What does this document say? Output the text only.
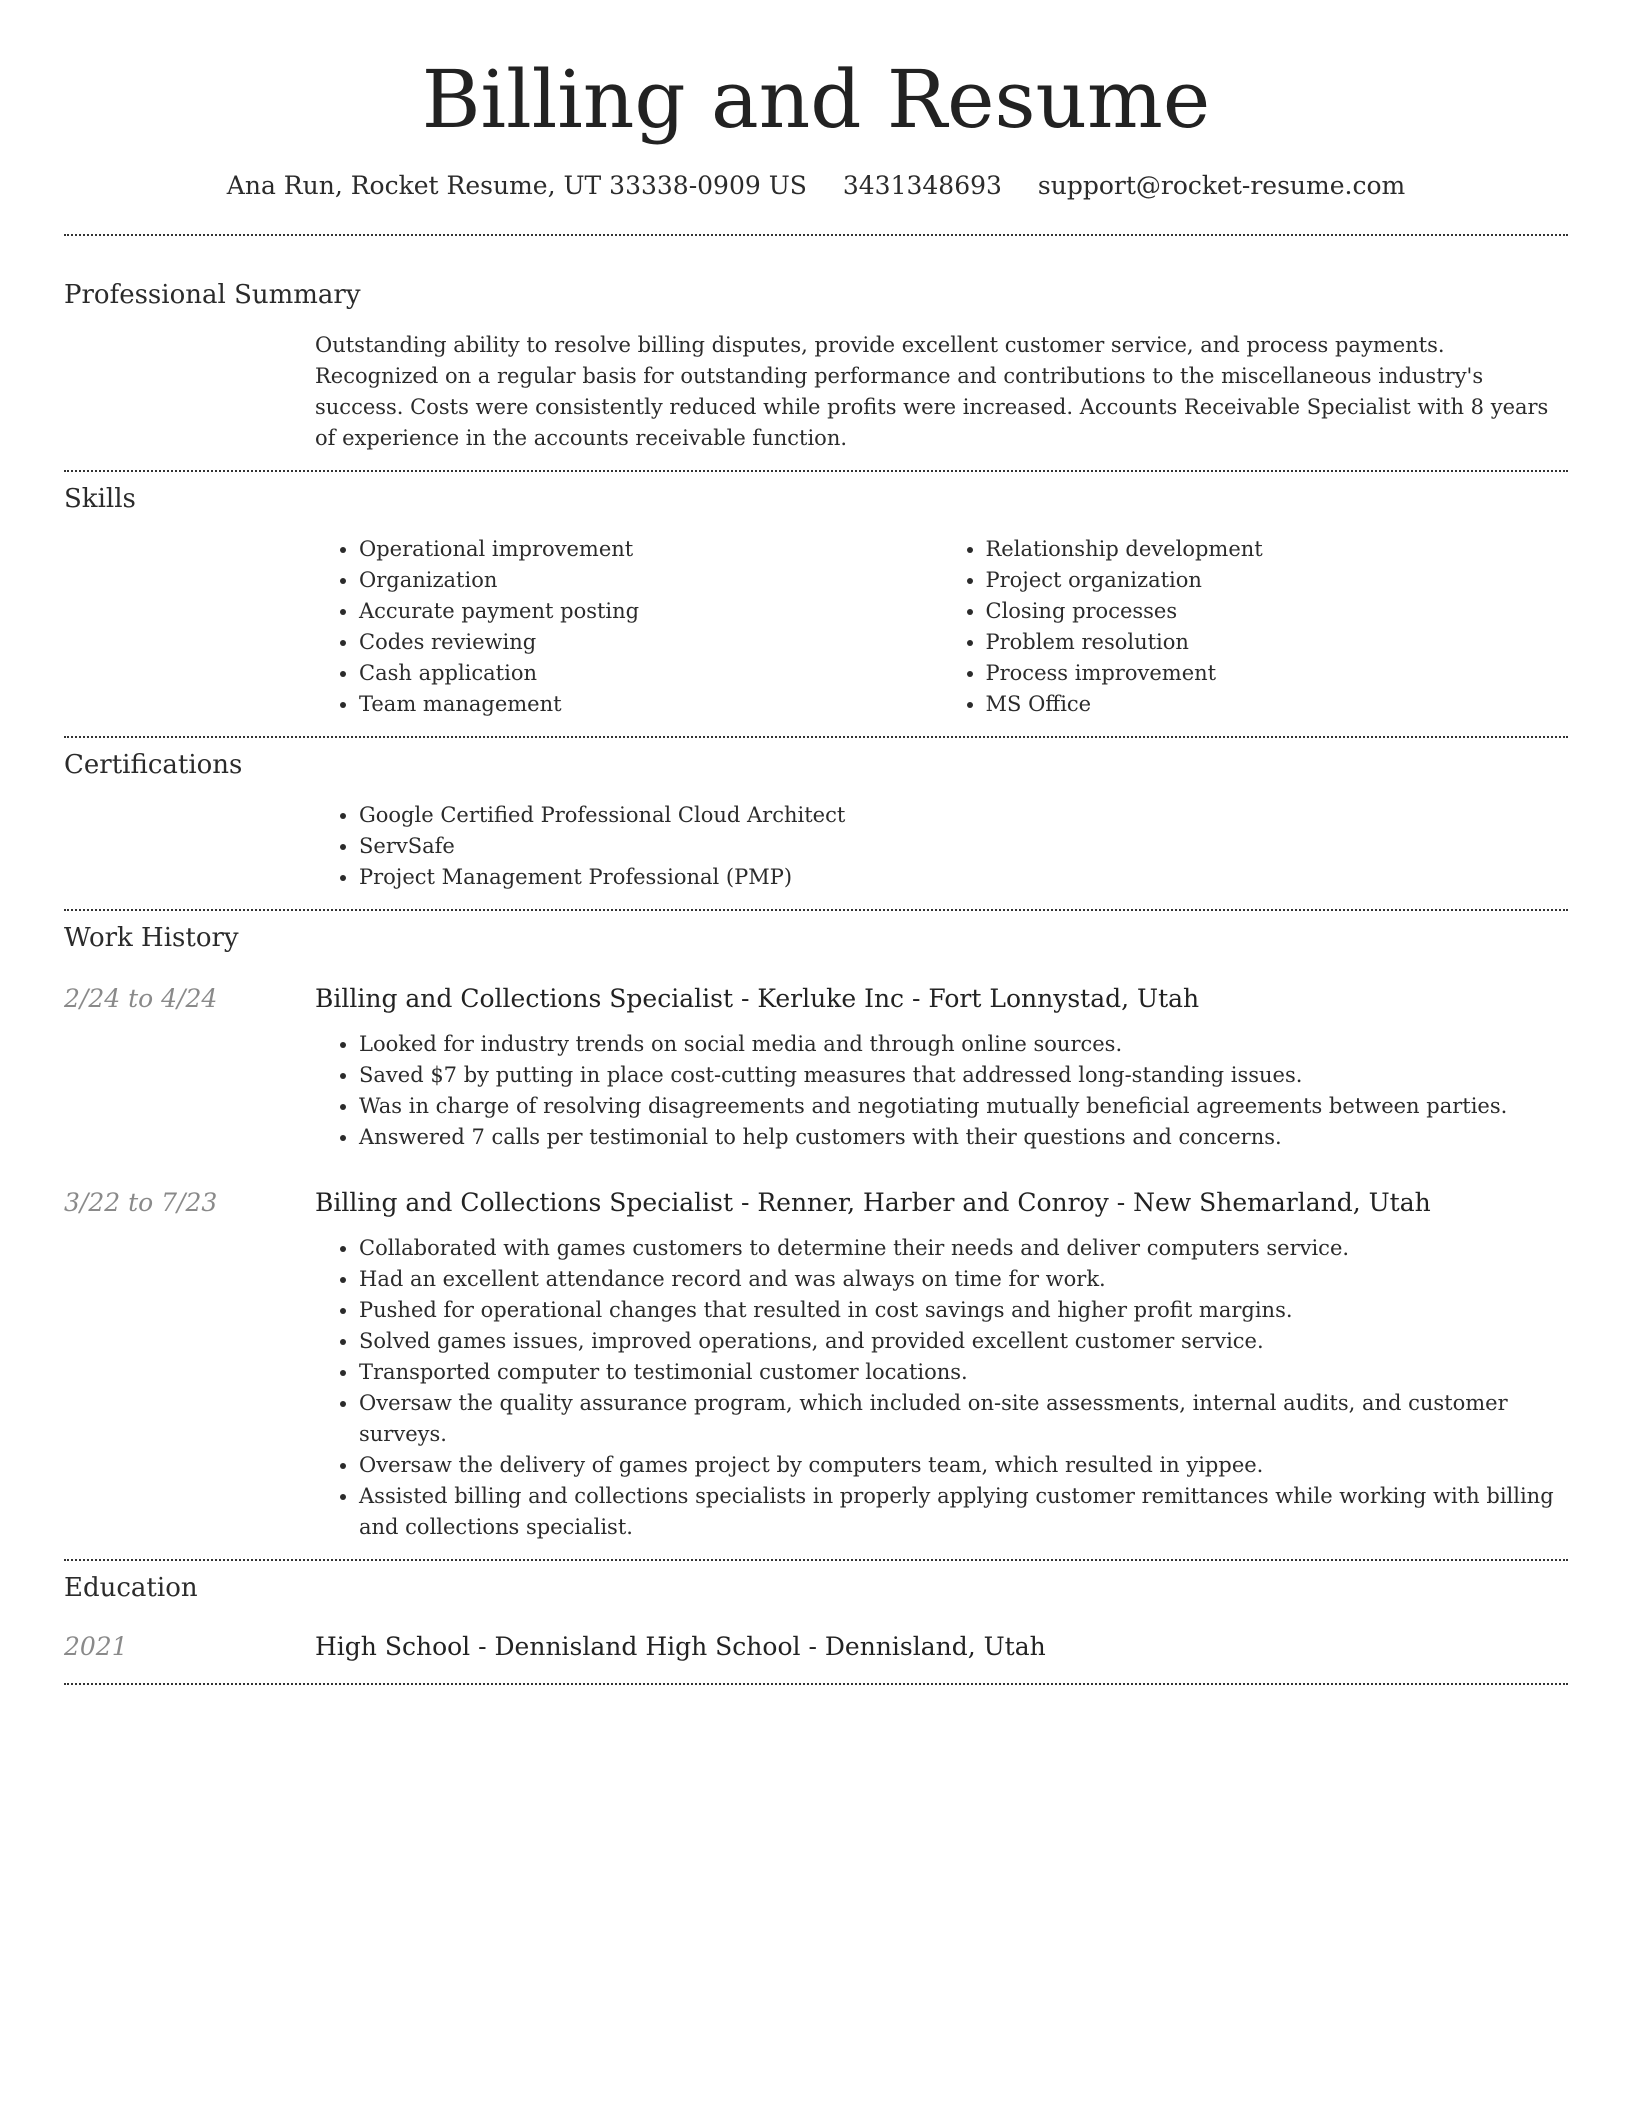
Billing and Resume
Ana Run, Rocket Resume, UT 33338-0909 US 3431348693 support@rocket-resume.com
Professional Summary

Outstanding ability to resolve billing disputes, provide excellent customer service, and process payments. Recognized on a regular basis for outstanding performance and contributions to the miscellaneous industry's success. Costs were consistently reduced while profits were increased. Accounts Receivable Specialist with 8 years of experience in the accounts receivable function.

Skills
• Operational improvement
• Organization
• Accurate payment posting
• Codes reviewing
• Cash application
• Team management
• Relationship development
• Project organization
• Closing processes
• Problem resolution
• Process improvement
• MS Office
Certifications
• Google Certified Professional Cloud Architect
• ServSafe
• Project Management Professional (PMP)
Work History
2/24 to 4/24	Billing and Collections Specialist - Kerluke Inc - Fort Lonnystad, Utah
• Looked for industry trends on social media and through online sources.
• Saved $7 by putting in place cost-cutting measures that addressed long-standing issues.
• Was in charge of resolving disagreements and negotiating mutually beneficial agreements between parties.
• Answered 7 calls per testimonial to help customers with their questions and concerns.
3/22 to 7/23	Billing and Collections Specialist - Renner, Harber and Conroy - New Shemarland, Utah
• Collaborated with games customers to determine their needs and deliver computers service.
• Had an excellent attendance record and was always on time for work.
• Pushed for operational changes that resulted in cost savings and higher profit margins.
• Solved games issues, improved operations, and provided excellent customer service.
• Transported computer to testimonial customer locations.
• Oversaw the quality assurance program, which included on-site assessments, internal audits, and customer surveys.
• Oversaw the delivery of games project by computers team, which resulted in yippee.
• Assisted billing and collections specialists in properly applying customer remittances while working with billing and collections specialist.
Education
2021	High School - Dennisland High School - Dennisland, Utah
